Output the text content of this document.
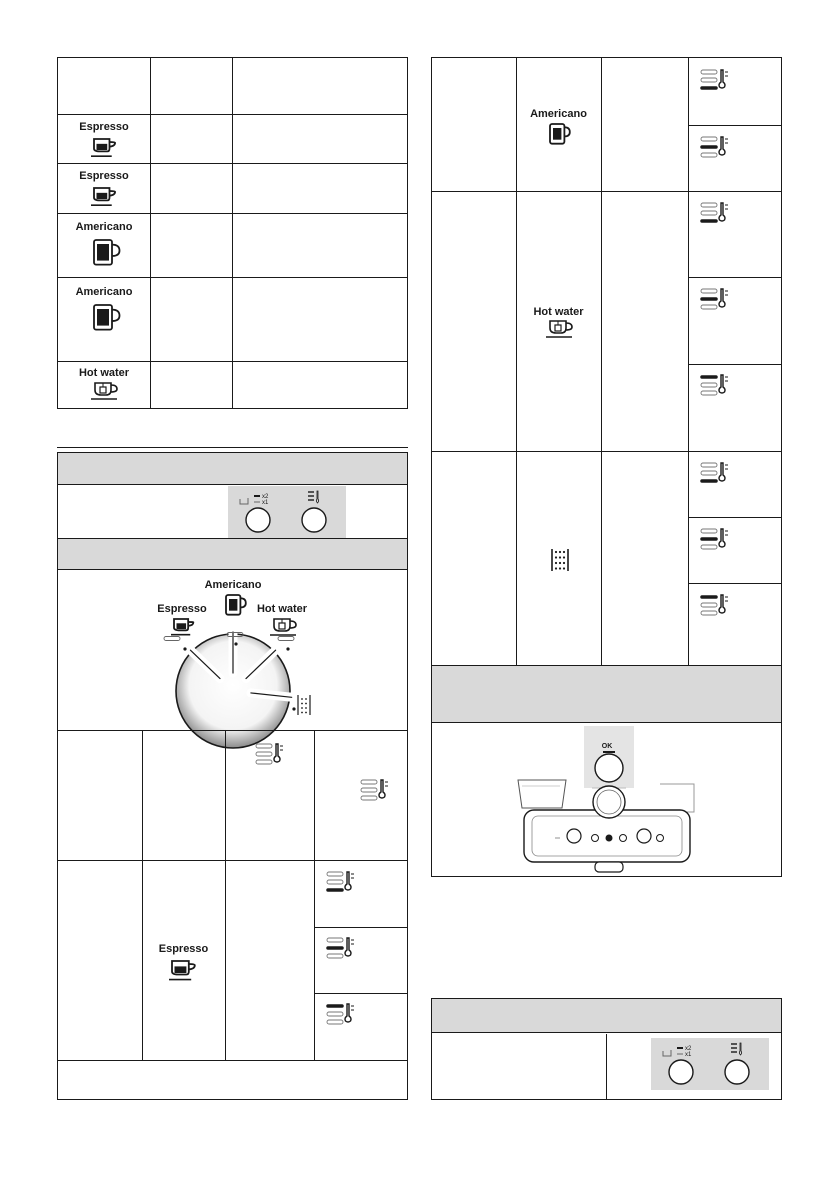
Espresso
Espresso
Americano
Americano
Hot water
x2
x1
Americano
Espresso	Hot water
Espresso
Americano
Hot water
OK
x2
x1
